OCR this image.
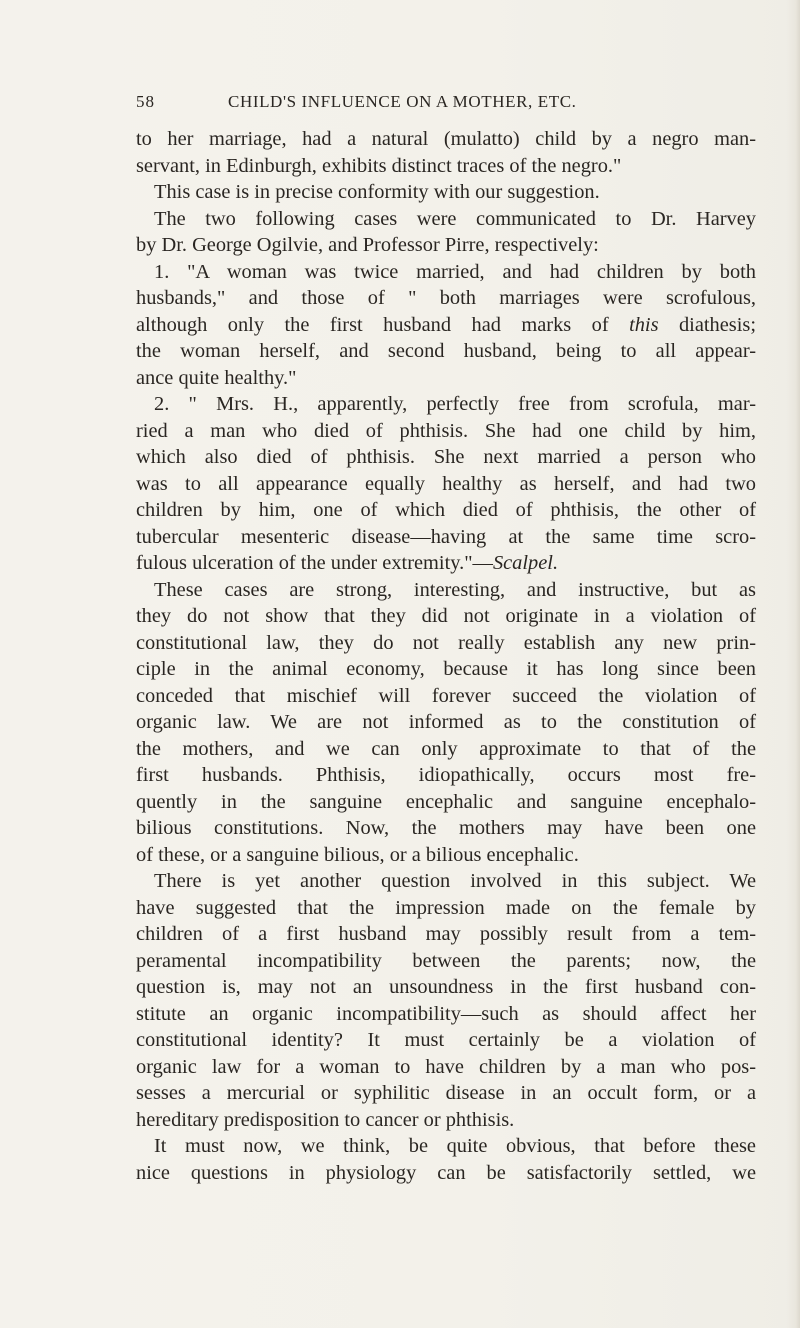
58	CHILD'S INFLUENCE ON A MOTHER, ETC.
to her marriage, had a natural (mulatto) child by a negro man-
servant, in Edinburgh, exhibits distinct traces of the negro."
This case is in precise conformity with our suggestion.
The two following cases were communicated to Dr. Harvey
by Dr. George Ogilvie, and Professor Pirre, respectively:
1. "A woman was twice married, and had children by both
husbands," and those of " both marriages were scrofulous,
although only the first husband had marks of this diathesis;
the woman herself, and second husband, being to all appear-
ance quite healthy."
2. " Mrs. H., apparently, perfectly free from scrofula, mar-
ried a man who died of phthisis. She had one child by him,
which also died of phthisis. She next married a person who
was to all appearance equally healthy as herself, and had two
children by him, one of which died of phthisis, the other of
tubercular mesenteric disease—having at the same time scro-
fulous ulceration of the under extremity."—Scalpel.
These cases are strong, interesting, and instructive, but as
they do not show that they did not originate in a violation of
constitutional law, they do not really establish any new prin-
ciple in the animal economy, because it has long since been
conceded that mischief will forever succeed the violation of
organic law. We are not informed as to the constitution of
the mothers, and we can only approximate to that of the
first husbands. Phthisis, idiopathically, occurs most fre-
quently in the sanguine encephalic and sanguine encephalo-
bilious constitutions. Now, the mothers may have been one
of these, or a sanguine bilious, or a bilious encephalic.
There is yet another question involved in this subject. We
have suggested that the impression made on the female by
children of a first husband may possibly result from a tem-
peramental incompatibility between the parents; now, the
question is, may not an unsoundness in the first husband con-
stitute an organic incompatibility—such as should affect her
constitutional identity? It must certainly be a violation of
organic law for a woman to have children by a man who pos-
sesses a mercurial or syphilitic disease in an occult form, or a
hereditary predisposition to cancer or phthisis.
It must now, we think, be quite obvious, that before these
nice questions in physiology can be satisfactorily settled, we
